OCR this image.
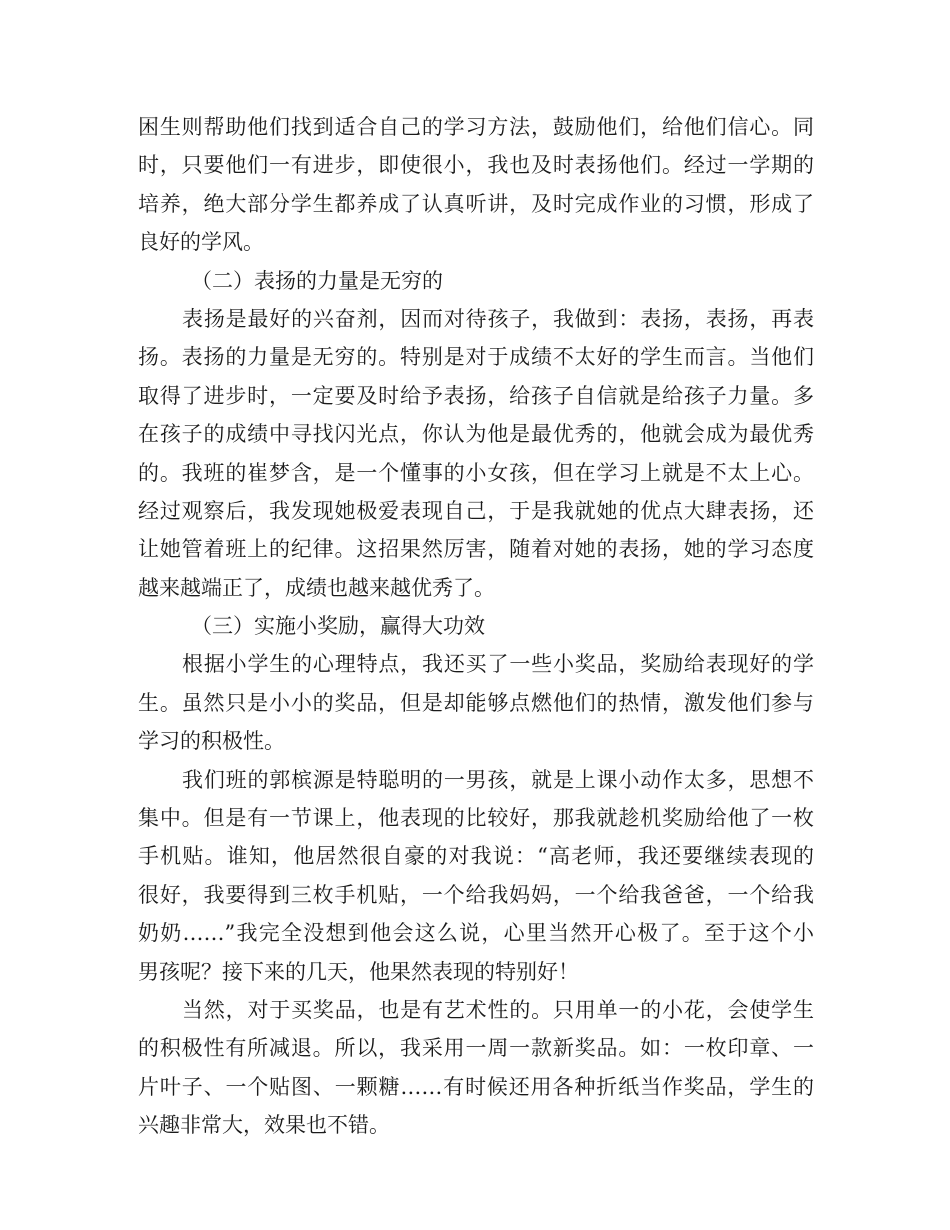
困生则帮助他们找到适合自己的学习方法，鼓励他们，给他们信心。同
时，只要他们一有进步，即使很小，我也及时表扬他们。经过一学期的
培养，绝大部分学生都养成了认真听讲，及时完成作业的习惯，形成了
良好的学风。
（二）表扬的力量是无穷的
表扬是最好的兴奋剂，因而对待孩子，我做到：表扬，表扬，再表
扬。表扬的力量是无穷的。特别是对于成绩不太好的学生而言。当他们
取得了进步时，一定要及时给予表扬，给孩子自信就是给孩子力量。多
在孩子的成绩中寻找闪光点，你认为他是最优秀的，他就会成为最优秀
的。我班的崔梦含，是一个懂事的小女孩，但在学习上就是不太上心。
经过观察后，我发现她极爱表现自己，于是我就她的优点大肆表扬，还
让她管着班上的纪律。这招果然厉害，随着对她的表扬，她的学习态度
越来越端正了，成绩也越来越优秀了。
（三）实施小奖励，赢得大功效
根据小学生的心理特点，我还买了一些小奖品，奖励给表现好的学
生。虽然只是小小的奖品，但是却能够点燃他们的热情，激发他们参与
学习的积极性。
我们班的郭槟源是特聪明的一男孩，就是上课小动作太多，思想不
集中。但是有一节课上，他表现的比较好，那我就趁机奖励给他了一枚
手机贴。谁知，他居然很自豪的对我说：“高老师，我还要继续表现的
很好，我要得到三枚手机贴，一个给我妈妈，一个给我爸爸，一个给我
奶奶……”我完全没想到他会这么说，心里当然开心极了。至于这个小
男孩呢？接下来的几天，他果然表现的特别好！
当然，对于买奖品，也是有艺术性的。只用单一的小花，会使学生
的积极性有所减退。所以，我采用一周一款新奖品。如：一枚印章、一
片叶子、一个贴图、一颗糖……有时候还用各种折纸当作奖品，学生的
兴趣非常大，效果也不错。
